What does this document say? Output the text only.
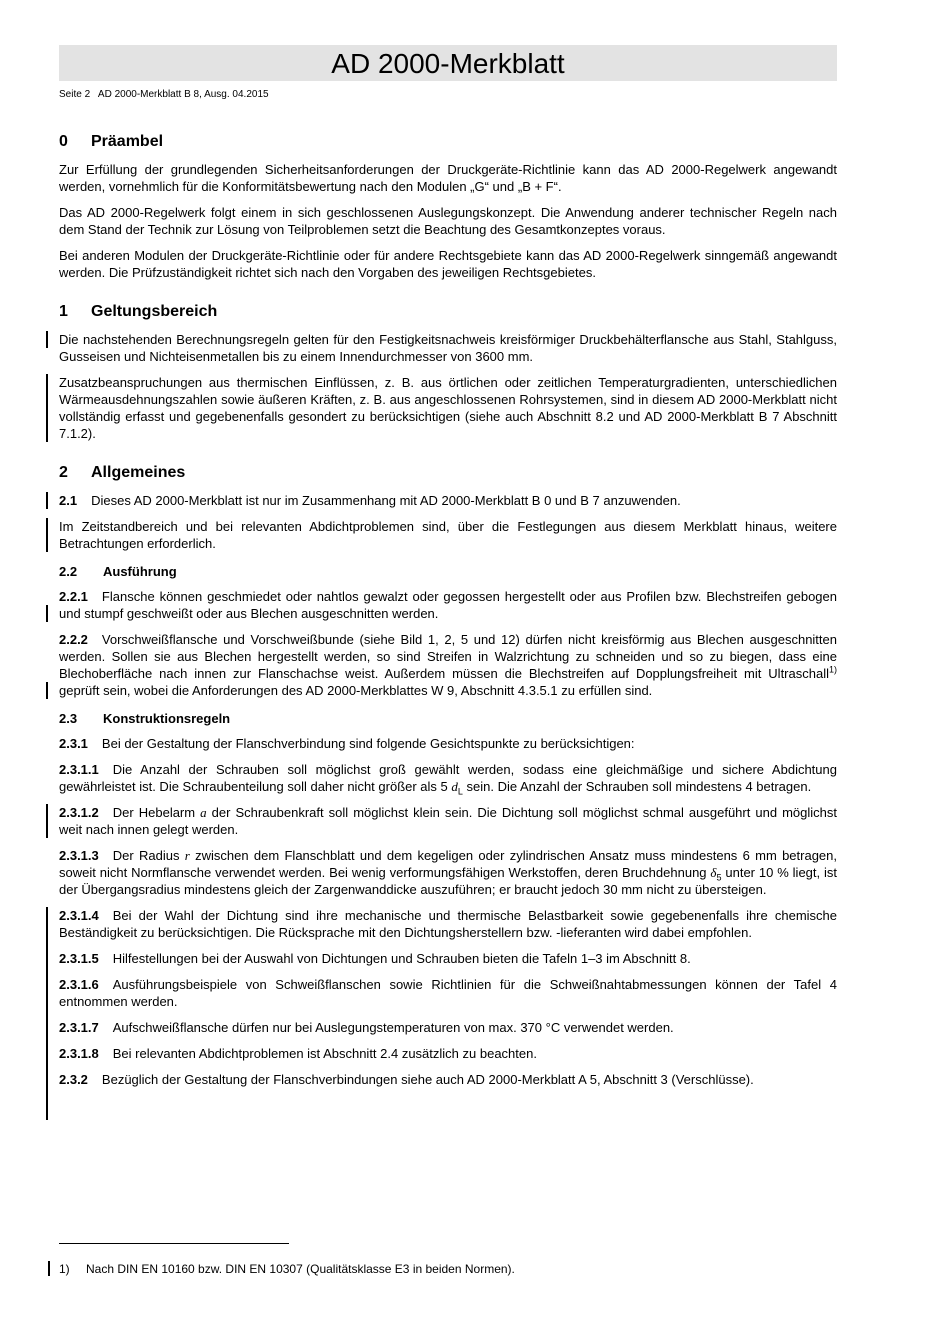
AD 2000-Merkblatt
Seite 2   AD 2000-Merkblatt B 8, Ausg. 04.2015
0 Präambel

Zur Erfüllung der grundlegenden Sicherheitsanforderungen der Druckgeräte-Richtlinie kann das AD 2000-Regelwerk angewandt werden, vornehmlich für die Konformitätsbewertung nach den Modulen „G“ und „B + F“.

Das AD 2000-Regelwerk folgt einem in sich geschlossenen Auslegungskonzept. Die Anwendung anderer technischer Regeln nach dem Stand der Technik zur Lösung von Teilproblemen setzt die Beachtung des Gesamtkonzeptes voraus.

Bei anderen Modulen der Druckgeräte-Richtlinie oder für andere Rechtsgebiete kann das AD 2000-Regelwerk sinngemäß angewandt werden. Die Prüfzuständigkeit richtet sich nach den Vorgaben des jeweiligen Rechtsgebietes.

1 Geltungsbereich

Die nachstehenden Berechnungsregeln gelten für den Festigkeitsnachweis kreisförmiger Druckbehälterflansche aus Stahl, Stahlguss, Gusseisen und Nichteisenmetallen bis zu einem Innendurchmesser von 3600 mm.

Zusatzbeanspruchungen aus thermischen Einflüssen, z. B. aus örtlichen oder zeitlichen Temperaturgradienten, unterschiedlichen Wärmeausdehnungszahlen sowie äußeren Kräften, z. B. aus angeschlossenen Rohrsystemen, sind in diesem AD 2000-Merkblatt nicht vollständig erfasst und gegebenenfalls gesondert zu berücksichtigen (siehe auch Abschnitt 8.2 und AD 2000-Merkblatt B 7 Abschnitt 7.1.2).

2 Allgemeines

2.1 Dieses AD 2000-Merkblatt ist nur im Zusammenhang mit AD 2000-Merkblatt B 0 und B 7 anzuwenden.

Im Zeitstandbereich und bei relevanten Abdichtproblemen sind, über die Festlegungen aus diesem Merkblatt hinaus, weitere Betrachtungen erforderlich.

2.2 Ausführung

2.2.1 Flansche können geschmiedet oder nahtlos gewalzt oder gegossen hergestellt oder aus Profilen bzw. Blechstreifen gebogen und stumpf geschweißt oder aus Blechen ausgeschnitten werden.

2.2.2 Vorschweißflansche und Vorschweißbunde (siehe Bild 1, 2, 5 und 12) dürfen nicht kreisförmig aus Blechen ausgeschnitten werden. Sollen sie aus Blechen hergestellt werden, so sind Streifen in Walzrichtung zu schneiden und so zu biegen, dass eine Blechoberfläche nach innen zur Flanschachse weist. Außerdem müssen die Blechstreifen auf Dopplungsfreiheit mit Ultraschall$^{1)}$ geprüft sein, wobei die Anforderungen des AD 2000-Merkblattes W 9, Abschnitt 4.3.5.1 zu erfüllen sind.

2.3 Konstruktionsregeln

2.3.1 Bei der Gestaltung der Flanschverbindung sind folgende Gesichtspunkte zu berücksichtigen:

2.3.1.1 Die Anzahl der Schrauben soll möglichst groß gewählt werden, sodass eine gleichmäßige und sichere Abdichtung gewährleistet ist. Die Schraubenteilung soll daher nicht größer als 5 $d_L$ sein. Die Anzahl der Schrauben soll mindestens 4 betragen.

2.3.1.2 Der Hebelarm a der Schraubenkraft soll möglichst klein sein. Die Dichtung soll möglichst schmal ausgeführt und möglichst weit nach innen gelegt werden.

2.3.1.3 Der Radius r zwischen dem Flanschblatt und dem kegeligen oder zylindrischen Ansatz muss mindestens 6 mm betragen, soweit nicht Normflansche verwendet werden. Bei wenig verformungsfähigen Werkstoffen, deren Bruchdehnung $\delta_5$ unter 10 % liegt, ist der Übergangsradius mindestens gleich der Zargenwanddicke auszuführen; er braucht jedoch 30 mm nicht zu übersteigen.

2.3.1.4 Bei der Wahl der Dichtung sind ihre mechanische und thermische Belastbarkeit sowie gegebenenfalls ihre chemische Beständigkeit zu berücksichtigen. Die Rücksprache mit den Dichtungsherstellern bzw. -lieferanten wird dabei empfohlen.

2.3.1.5 Hilfestellungen bei der Auswahl von Dichtungen und Schrauben bieten die Tafeln 1–3 im Abschnitt 8.

2.3.1.6 Ausführungsbeispiele von Schweißflanschen sowie Richtlinien für die Schweißnahtabmessungen können der Tafel 4 entnommen werden.

2.3.1.7 Aufschweißflansche dürfen nur bei Auslegungstemperaturen von max. 370 °C verwendet werden.

2.3.1.8 Bei relevanten Abdichtproblemen ist Abschnitt 2.4 zusätzlich zu beachten.

2.3.2 Bezüglich der Gestaltung der Flanschverbindungen siehe auch AD 2000-Merkblatt A 5, Abschnitt 3 (Verschlüsse).

1) Nach DIN EN 10160 bzw. DIN EN 10307 (Qualitätsklasse E3 in beiden Normen).
